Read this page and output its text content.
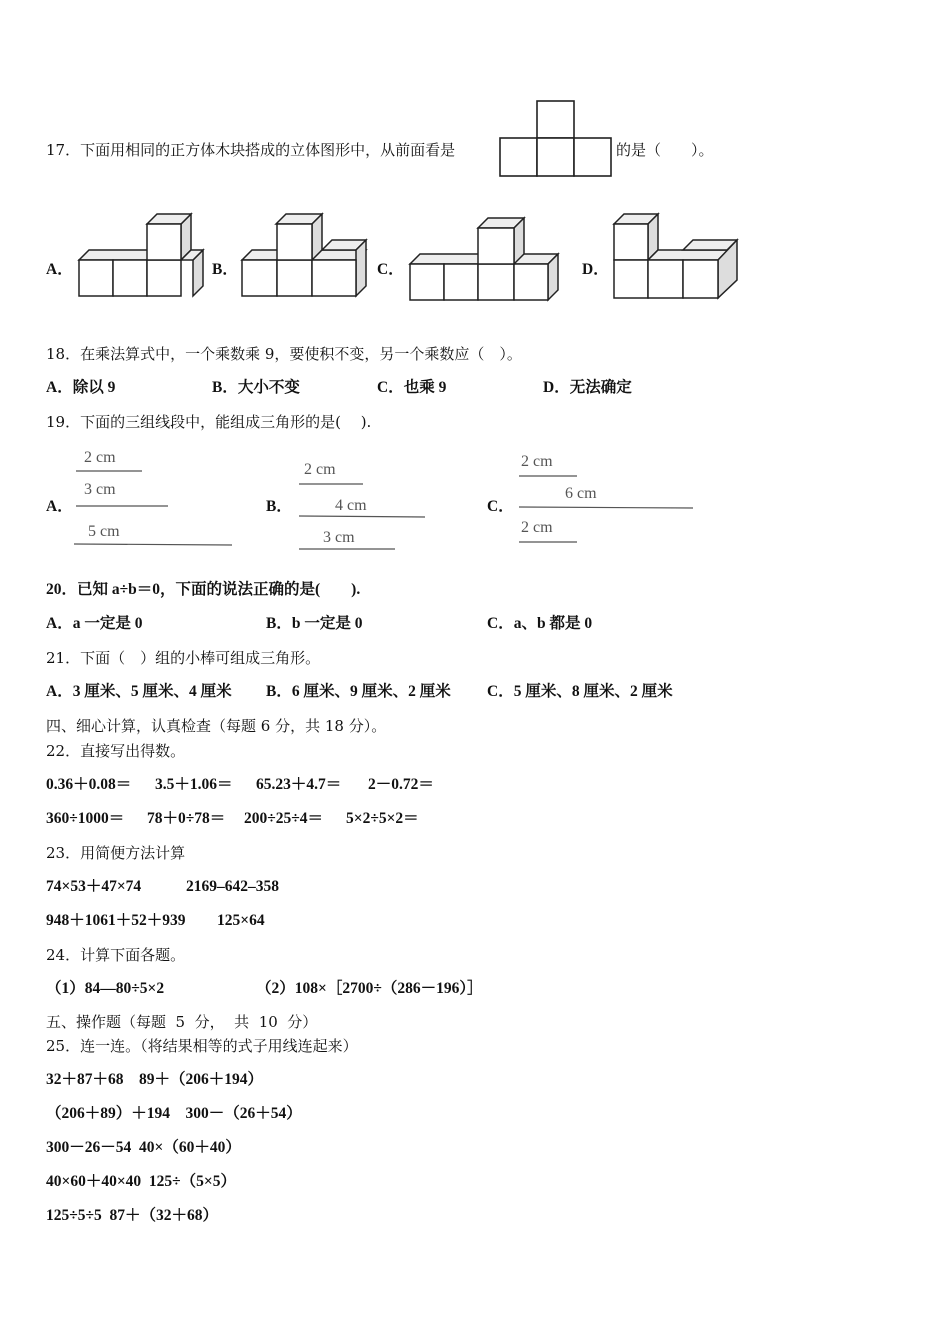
17．下面用相同的正方体木块搭成的立体图形中，从前面看是	的是（　　）。
A．	B．	C．	D．
18．在乘法算式中，一个乘数乘 9，要使积不变，另一个乘数应（　）。
A．除以 9	B．大小不变	C．也乘 9	D．无法确定
19．下面的三组线段中，能组成三角形的是(　 ).
A．
2 cm
3 cm
5 cm
B．
2 cm
4 cm
3 cm
C．
2 cm
6 cm
2 cm
20．已知 a÷b＝0，下面的说法正确的是(　　).
A．a 一定是 0	B．b 一定是 0	C．a、b 都是 0
21．下面（　）组的小棒可组成三角形。
A．3 厘米、5 厘米、4 厘米 B．6 厘米、9 厘米、2 厘米 C．5 厘米、8 厘米、2 厘米
四、细心计算，认真检查（每题 6 分，共 18 分）。
22．直接写出得数。
0.36＋0.08＝ 3.5＋1.06＝ 65.23＋4.7＝ 2－0.72＝
360÷1000＝ 78＋0÷78＝ 200÷25÷4＝ 5×2÷5×2＝
23．用简便方法计算
74×53＋47×74	2169–642–358
948＋1061＋52＋939 125×64
24．计算下面各题。
（1）84—80÷5×2	（2）108×［2700÷（286－196）］
五、操作题（每题  5  分，  共  10  分）
25．连一连。（将结果相等的式子用线连起来）
32＋87＋68　89＋（206＋194）
（206＋89）＋194　300－（26＋54）
300－26－54  40×（60＋40）
40×60＋40×40  125÷（5×5）
125÷5÷5  87＋（32＋68）
